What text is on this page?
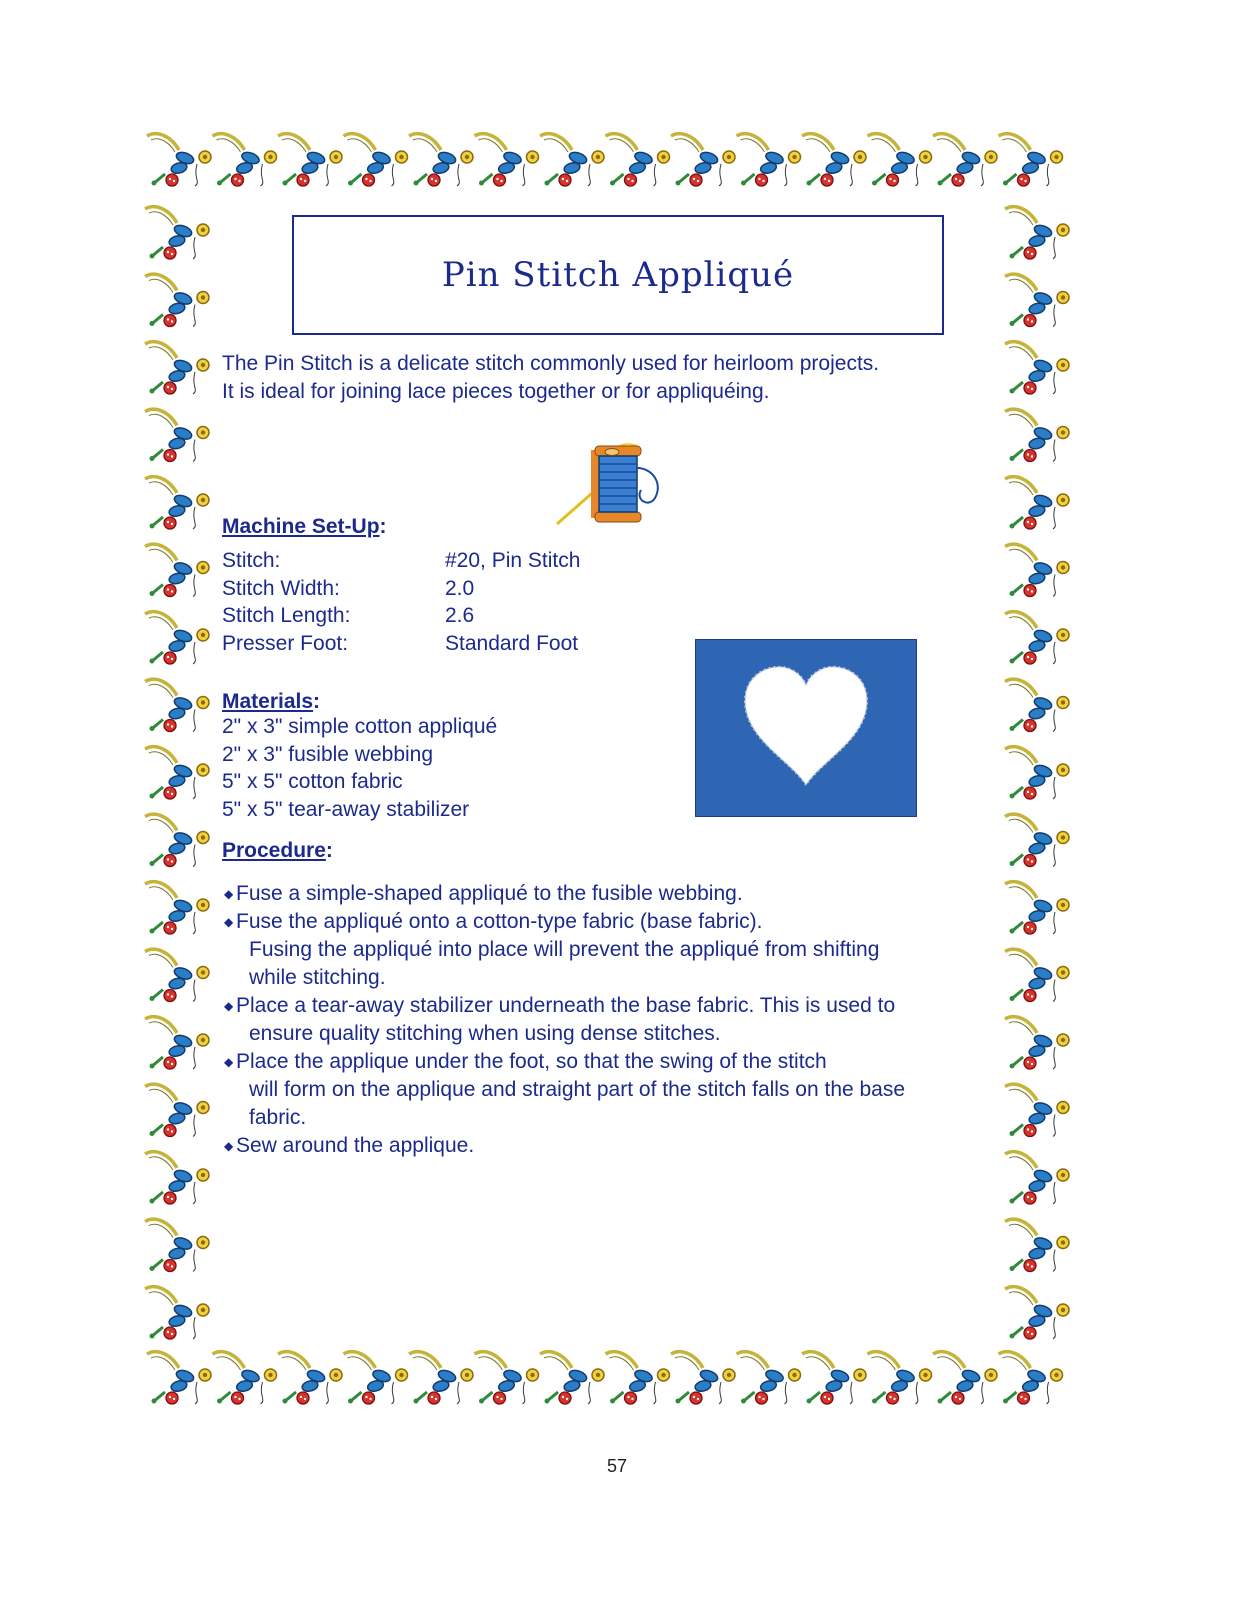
Pin Stitch Appliqué

The Pin Stitch is a delicate stitch commonly used for heirloom projects.

It is ideal for joining lace pieces together or for appliquéing.

Machine Set-Up:
Stitch:	#20, Pin Stitch
Stitch Width:	2.0
Stitch Length:	2.6
Presser Foot:	Standard Foot
Materials:
2" x 3" simple cotton appliqué
2" x 3" fusible webbing
5" x 5" cotton fabric
5" x 5" tear-away stabilizer
Procedure:
◆ Fuse a simple-shaped appliqué to the fusible webbing.
◆ Fuse the appliqué onto a cotton-type fabric (base fabric).
Fusing the appliqué into place will prevent the appliqué from shifting
while stitching.
◆ Place a tear-away stabilizer underneath the base fabric. This is used to
ensure quality stitching when using dense stitches.
◆ Place the applique under the foot, so that the swing of the stitch
will form on the applique and straight part of the stitch falls on the base
fabric.
◆ Sew around the applique.
57
